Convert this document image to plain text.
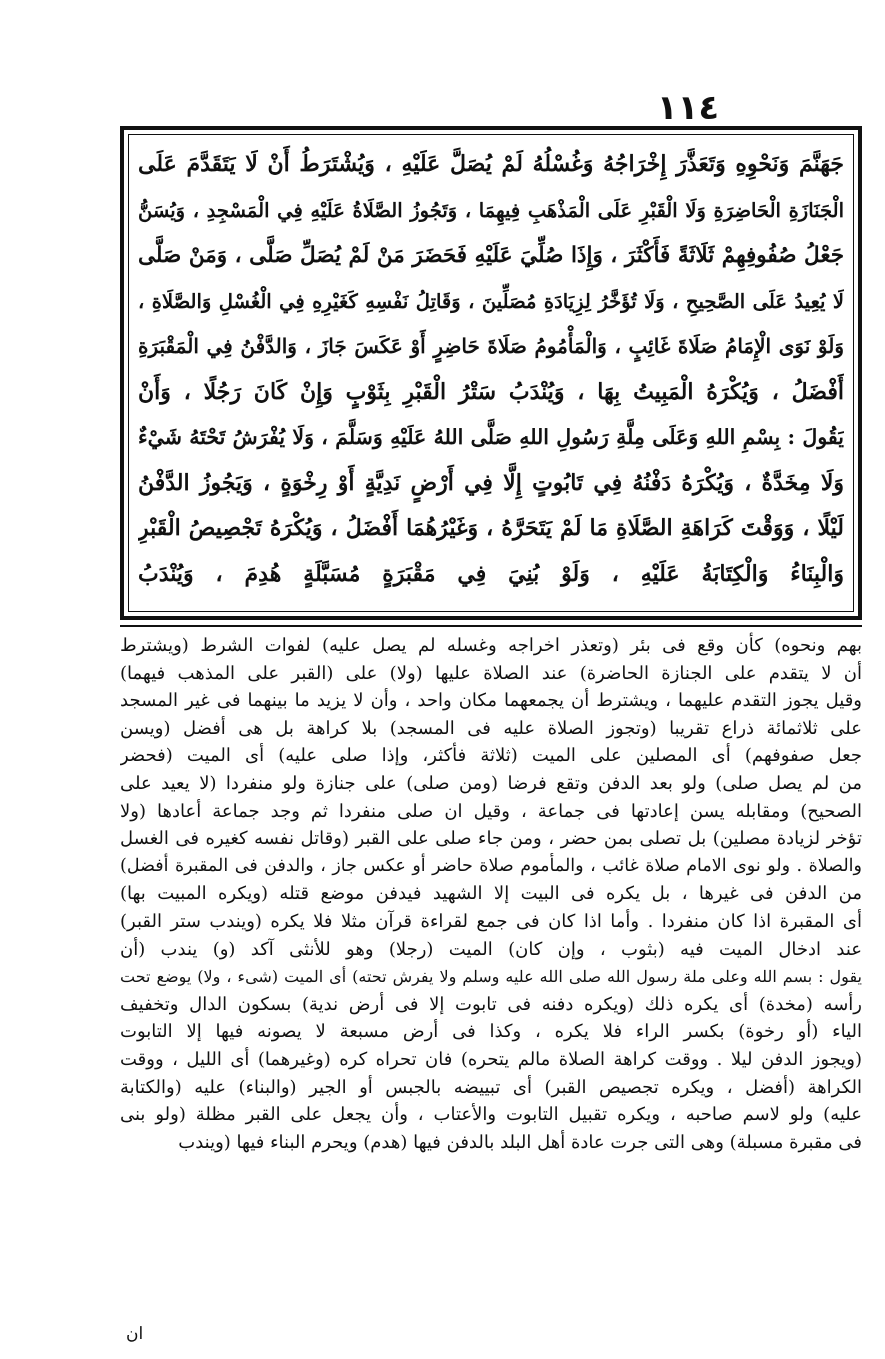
١١٤
جَهَنَّمَ وَنَحْوِهِ وَتَعَذَّرَ إِخْرَاجُهُ وَغُسْلُهُ لَمْ يُصَلَّ عَلَيْهِ ، وَيُشْتَرَطُ أَنْ لَا يَتَقَدَّمَ عَلَى
الْجَنَازَةِ الْحَاضِرَةِ وَلَا الْقَبْرِ عَلَى الْمَذْهَبِ فِيهِمَا ، وَتَجُوزُ الصَّلَاةُ عَلَيْهِ فِي الْمَسْجِدِ ، وَيُسَنُّ
جَعْلُ صُفُوفِهِمْ ثَلَاثَةً فَأَكْثَرَ ، وَإِذَا صُلِّيَ عَلَيْهِ فَحَضَرَ مَنْ لَمْ يُصَلِّ صَلَّى ، وَمَنْ صَلَّى
لَا يُعِيدُ عَلَى الصَّحِيحِ ، وَلَا تُؤَخَّرُ لِزِيَادَةِ مُصَلِّينَ ، وَقَاتِلُ نَفْسِهِ كَغَيْرِهِ فِي الْغُسْلِ وَالصَّلَاةِ ،
وَلَوْ نَوَى الْإِمَامُ صَلَاةَ غَائِبٍ ، وَالْمَأْمُومُ صَلَاةَ حَاضِرٍ أَوْ عَكَسَ جَازَ ، وَالدَّفْنُ فِي الْمَقْبَرَةِ
أَفْضَلُ ، وَيُكْرَهُ الْمَبِيتُ بِهَا ، وَيُنْدَبُ سَتْرُ الْقَبْرِ بِثَوْبٍ وَإِنْ كَانَ رَجُلًا ، وَأَنْ
يَقُولَ : بِسْمِ اللهِ وَعَلَى مِلَّةِ رَسُولِ اللهِ صَلَّى اللهُ عَلَيْهِ وَسَلَّمَ ، وَلَا يُفْرَشُ تَحْتَهُ شَيْءٌ
وَلَا مِخَدَّةٌ ، وَيُكْرَهُ دَفْنُهُ فِي تَابُوتٍ إِلَّا فِي أَرْضٍ نَدِيَّةٍ أَوْ رِخْوَةٍ ، وَيَجُوزُ الدَّفْنُ
لَيْلًا ، وَوَقْتَ كَرَاهَةِ الصَّلَاةِ مَا لَمْ يَتَحَرَّهُ ، وَغَيْرُهُمَا أَفْضَلُ ، وَيُكْرَهُ تَجْصِيصُ الْقَبْرِ
وَالْبِنَاءُ وَالْكِتَابَةُ عَلَيْهِ ، وَلَوْ بُنِيَ فِي مَقْبَرَةٍ مُسَبَّلَةٍ هُدِمَ ، وَيُنْدَبُ
بهم ونحوه) كأن وقع فى بئر (وتعذر اخراجه وغسله لم يصل عليه) لفوات الشرط (ويشترط
أن لا يتقدم على الجنازة الحاضرة) عند الصلاة عليها (ولا) على (القبر على المذهب فيهما)
وقيل يجوز التقدم عليهما ، ويشترط أن يجمعهما مكان واحد ، وأن لا يزيد ما بينهما فى غير المسجد
على ثلاثمائة ذراع تقريبا (وتجوز الصلاة عليه فى المسجد) بلا كراهة بل هى أفضل (ويسن
جعل صفوفهم) أى المصلين على الميت (ثلاثة فأكثر، وإذا صلى عليه) أى الميت (فحضر
من لم يصل صلى) ولو بعد الدفن وتقع فرضا (ومن صلى) على جنازة ولو منفردا (لا يعيد على
الصحيح) ومقابله يسن إعادتها فى جماعة ، وقيل ان صلى منفردا ثم وجد جماعة أعادها (ولا
تؤخر لزيادة مصلين) بل تصلى بمن حضر ، ومن جاء صلى على القبر (وقاتل نفسه كغيره فى الغسل
والصلاة . ولو نوى الامام صلاة غائب ، والمأموم صلاة حاضر أو عكس جاز ، والدفن فى المقبرة أفضل)
من الدفن فى غيرها ، بل يكره فى البيت إلا الشهيد فيدفن موضع قتله (ويكره المبيت بها)
أى المقبرة اذا كان منفردا . وأما اذا كان فى جمع لقراءة قرآن مثلا فلا يكره (ويندب ستر القبر)
عند ادخال الميت فيه (بثوب ، وإن كان) الميت (رجلا) وهو للأنثى آكد (و) يندب (أن
يقول : بسم الله وعلى ملة رسول الله صلى الله عليه وسلم ولا يفرش تحته) أى الميت (شىء ، ولا) يوضع تحت
رأسه (مخدة) أى يكره ذلك (ويكره دفنه فى تابوت إلا فى أرض ندية) بسكون الدال وتخفيف
الياء (أو رخوة) بكسر الراء فلا يكره ، وكذا فى أرض مسبعة لا يصونه فيها إلا التابوت
(ويجوز الدفن ليلا . ووقت كراهة الصلاة مالم يتحره) فان تحراه كره (وغيرهما) أى الليل ، ووقت
الكراهة (أفضل ، ويكره تجصيص القبر) أى تبييضه بالجبس أو الجير (والبناء) عليه (والكتابة
عليه) ولو لاسم صاحبه ، ويكره تقبيل التابوت والأعتاب ، وأن يجعل على القبر مظلة (ولو بنى
فى مقبرة مسبلة) وهى التى جرت عادة أهل البلد بالدفن فيها (هدم) ويحرم البناء فيها (ويندب
ان
